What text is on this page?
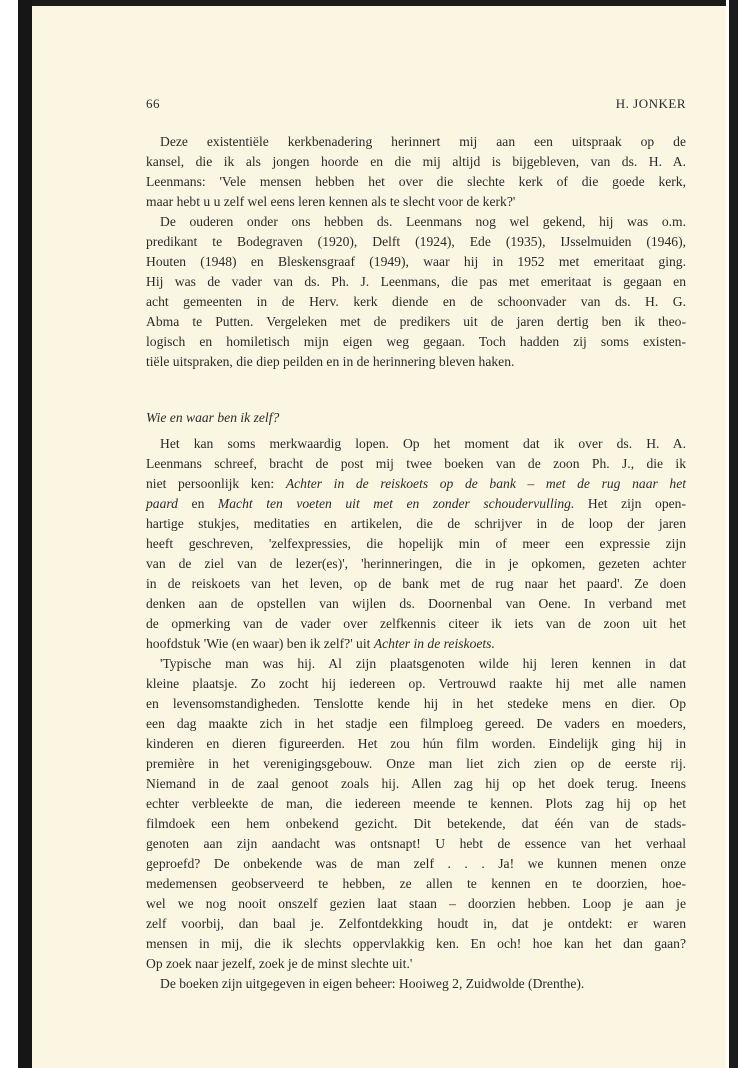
66	H. JONKER
Deze existentiële kerkbenadering herinnert mij aan een uitspraak op de
kansel, die ik als jongen hoorde en die mij altijd is bijgebleven, van ds. H. A.
Leenmans: 'Vele mensen hebben het over die slechte kerk of die goede kerk,
maar hebt u u zelf wel eens leren kennen als te slecht voor de kerk?'
De ouderen onder ons hebben ds. Leenmans nog wel gekend, hij was o.m.
predikant te Bodegraven (1920), Delft (1924), Ede (1935), IJsselmuiden (1946),
Houten (1948) en Bleskensgraaf (1949), waar hij in 1952 met emeritaat ging.
Hij was de vader van ds. Ph. J. Leenmans, die pas met emeritaat is gegaan en
acht gemeenten in de Herv. kerk diende en de schoonvader van ds. H. G.
Abma te Putten. Vergeleken met de predikers uit de jaren dertig ben ik theo-
logisch en homiletisch mijn eigen weg gegaan. Toch hadden zij soms existen-
tiële uitspraken, die diep peilden en in de herinnering bleven haken.
Wie en waar ben ik zelf?
Het kan soms merkwaardig lopen. Op het moment dat ik over ds. H. A.
Leenmans schreef, bracht de post mij twee boeken van de zoon Ph. J., die ik
niet persoonlijk ken: Achter in de reiskoets op de bank – met de rug naar het
paard en Macht ten voeten uit met en zonder schoudervulling. Het zijn open-
hartige stukjes, meditaties en artikelen, die de schrijver in de loop der jaren
heeft geschreven, 'zelfexpressies, die hopelijk min of meer een expressie zijn
van de ziel van de lezer(es)', 'herinneringen, die in je opkomen, gezeten achter
in de reiskoets van het leven, op de bank met de rug naar het paard'. Ze doen
denken aan de opstellen van wijlen ds. Doornenbal van Oene. In verband met
de opmerking van de vader over zelfkennis citeer ik iets van de zoon uit het
hoofdstuk 'Wie (en waar) ben ik zelf?' uit Achter in de reiskoets.
'Typische man was hij. Al zijn plaatsgenoten wilde hij leren kennen in dat
kleine plaatsje. Zo zocht hij iedereen op. Vertrouwd raakte hij met alle namen
en levensomstandigheden. Tenslotte kende hij in het stedeke mens en dier. Op
een dag maakte zich in het stadje een filmploeg gereed. De vaders en moeders,
kinderen en dieren figureerden. Het zou hún film worden. Eindelijk ging hij in
première in het verenigingsgebouw. Onze man liet zich zien op de eerste rij.
Niemand in de zaal genoot zoals hij. Allen zag hij op het doek terug. Ineens
echter verbleekte de man, die iedereen meende te kennen. Plots zag hij op het
filmdoek een hem onbekend gezicht. Dit betekende, dat één van de stads-
genoten aan zijn aandacht was ontsnapt! U hebt de essence van het verhaal
geproefd? De onbekende was de man zelf . . . Ja! we kunnen menen onze
medemensen geobserveerd te hebben, ze allen te kennen en te doorzien, hoe-
wel we nog nooit onszelf gezien laat staan – doorzien hebben. Loop je aan je
zelf voorbij, dan baal je. Zelfontdekking houdt in, dat je ontdekt: er waren
mensen in mij, die ik slechts oppervlakkig ken. En och! hoe kan het dan gaan?
Op zoek naar jezelf, zoek je de minst slechte uit.'
De boeken zijn uitgegeven in eigen beheer: Hooiweg 2, Zuidwolde (Drenthe).
